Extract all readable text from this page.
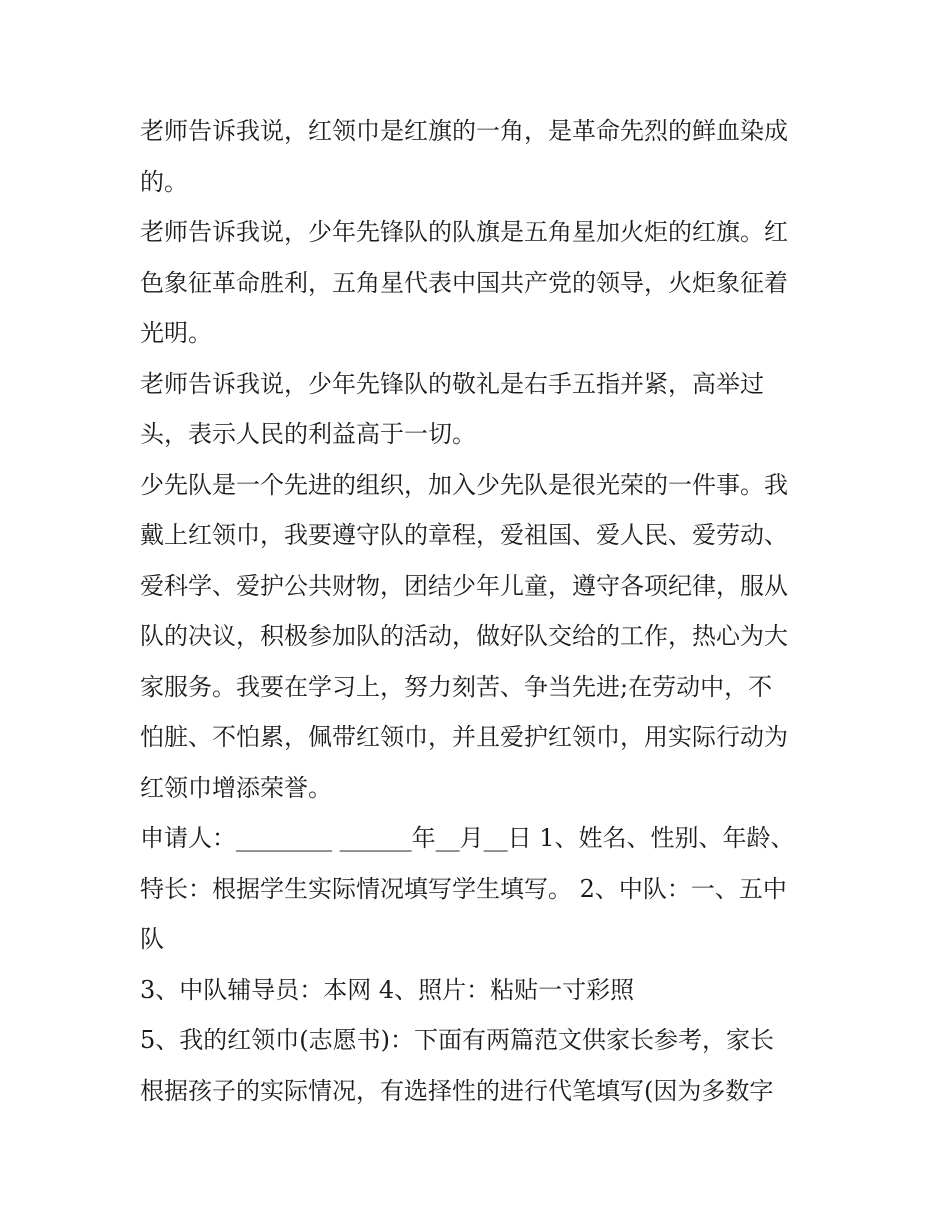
老师告诉我说，红领巾是红旗的一角，是革命先烈的鲜血染成
的。
老师告诉我说，少年先锋队的队旗是五角星加火炬的红旗。红
色象征革命胜利，五角星代表中国共产党的领导，火炬象征着
光明。
老师告诉我说，少年先锋队的敬礼是右手五指并紧，高举过
头，表示人民的利益高于一切。
少先队是一个先进的组织，加入少先队是很光荣的一件事。我
戴上红领巾，我要遵守队的章程，爱祖国、爱人民、爱劳动、
爱科学、爱护公共财物，团结少年儿童，遵守各项纪律，服从
队的决议，积极参加队的活动，做好队交给的工作，热心为大
家服务。我要在学习上，努力刻苦、争当先进;在劳动中，不
怕脏、不怕累，佩带红领巾，并且爱护红领巾，用实际行动为
红领巾增添荣誉。
申请人：________ ______年__月__日 1、姓名、性别、年龄、
特长：根据学生实际情况填写学生填写。 2、中队：一、五中
队
3、中队辅导员：本网 4、照片：粘贴一寸彩照
5、我的红领巾(志愿书)：下面有两篇范文供家长参考，家长
根据孩子的实际情况，有选择性的进行代笔填写(因为多数字
